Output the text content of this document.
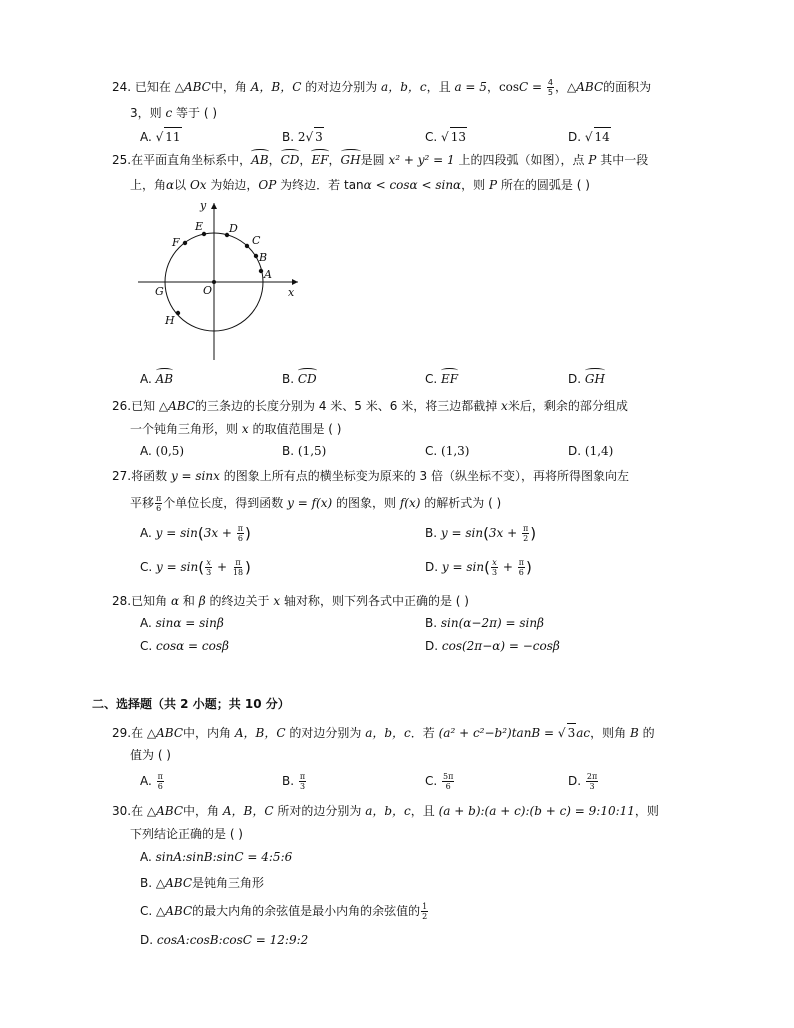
24. 已知在 △ABC中，角 A，B，C 的对边分别为 a，b，c，且 a = 5，$\cos C = \frac{4}{5}$ ，△ABC的面积为
3，则 c 等于 ( )
A. √ 11	B. 2√ 3	C. √ 13	D. √ 14
25.在平面直角坐标系中，AB，CD，EF，GH是圆 x² + y² = 1 上的四段弧（如图），点 P 其中一段
上，角α以 Ox 为始边，OP 为终边．若 tanα < cosα < sinα，则 P 所在的圆弧是 ( )
y
x
O
A
B
C
D
E
F
G
H
A. AB	B. CD	C. EF	D. GH
26.已知 △ABC的三条边的长度分别为 4 米、5 米、6 米，将三边都截掉 x米后，剩余的部分组成
一个钝角三角形，则 x 的取值范围是 ( )
A. (0,5)	B. (1,5)	C. (1,3)	D. (1,4)
27.将函数 y = sinx 的图象上所有点的横坐标变为原来的 3 倍（纵坐标不变），再将所得图象向左
平移 $\frac{\pi}{6}$ 个单位长度，得到函数 y = f(x) 的图象，则 f(x) 的解析式为 ( )
A. $y = \sin(3x + \frac{\pi}{6}$ )	B. $y = \sin(3x + \frac{\pi}{2}$ )
C. $y = \sin( \frac{x}{3} + \frac{\pi}{18}$ )	D. $y = \sin( \frac{x}{3} + \frac{\pi}{6}$ )
28.已知角 α 和 β 的终边关于 x 轴对称，则下列各式中正确的是 ( )
A. sinα = sinβ	B. sin(α−2π) = sinβ
C. cosα = cosβ	D. cos(2π−α) = −cosβ
二、选择题（共 2 小题；共 10 分）
29.在 △ABC中，内角 A，B，C 的对边分别为 a，b，c．若 (a² + c²−b²)tanB = √ 3ac，则角 B 的
值为 ( )
A. $\frac{\pi}{6}$	B. $\frac{\pi}{3}$	C. $\frac{5\pi}{6}$	D. $\frac{2\pi}{3}$
30.在 △ABC中，角 A，B，C 所对的边分别为 a，b，c，且 (a + b):(a + c):(b + c) = 9:10:11，则
下列结论正确的是 ( )
A. sinA:sinB:sinC = 4:5:6
B. △ABC是钝角三角形
C. △ABC的最大内角的余弦值是最小内角的余弦值的 $\frac{1}{2}$
D. cosA:cosB:cosC = 12:9:2
